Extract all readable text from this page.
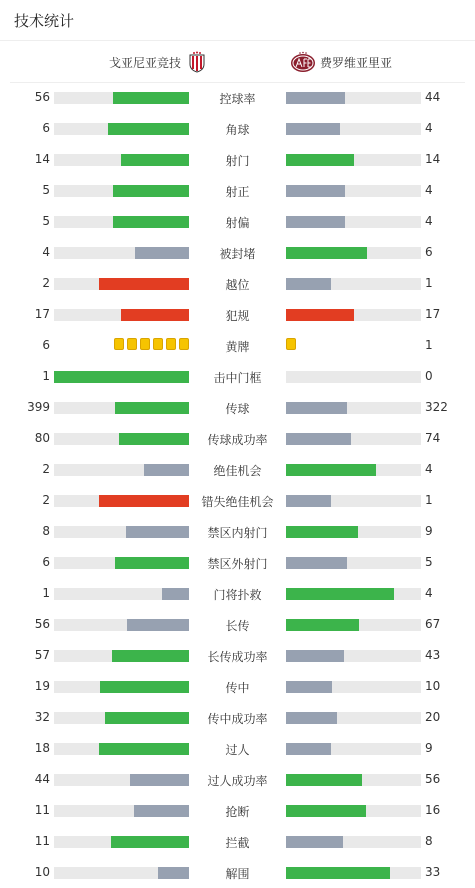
技术统计
戈亚尼亚竞技	费罗维亚里亚
56	控球率	44
6	角球	4
14	射门	14
5	射正	4
5	射偏	4
4	被封堵	6
2	越位	1
17	犯规	17
6	黄牌	1
1	击中门框	0
399	传球	322
80	传球成功率	74
2	绝佳机会	4
2	错失绝佳机会	1
8	禁区内射门	9
6	禁区外射门	5
1	门将扑救	4
56	长传	67
57	长传成功率	43
19	传中	10
32	传中成功率	20
18	过人	9
44	过人成功率	56
11	抢断	16
11	拦截	8
10	解围	33
